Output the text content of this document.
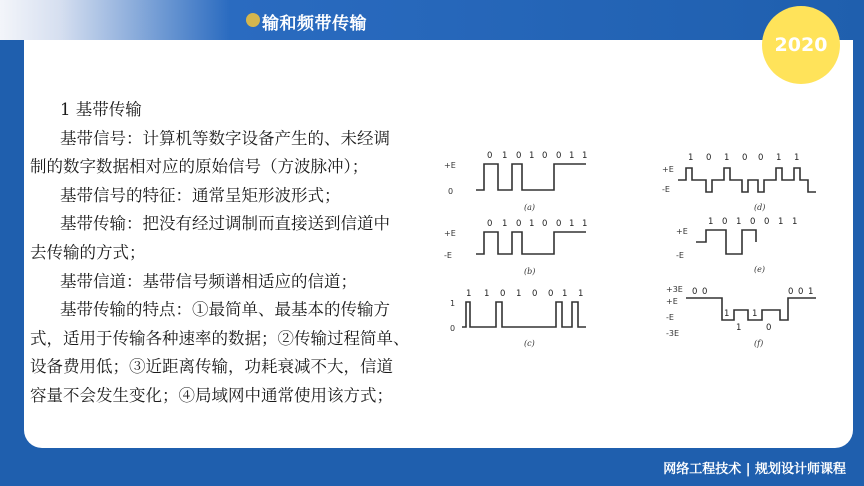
输和频带传输
2020

1 基带传输

基带信号：计算机等数字设备产生的、未经调

制的数字数据相对应的原始信号（方波脉冲）；

基带信号的特征：通常呈矩形波形式；

基带传输：把没有经过调制而直接送到信道中

去传输的方式；

基带信道：基带信号频谱相适应的信道；

基带传输的特点：①最简单、最基本的传输方

式，适用于传输各种速率的数据；②传输过程简单、

设备费用低；③近距离传输，功耗衰减不大，信道

容量不会发生变化；④局域网中通常使用该方式；

+E
0
+E
-E
1
0
+E
-E
+E
-E
+3E
+E
-E
-3E
0 1 0 1 0 0 1 1
0 1 0 1 0 0 1 1
1 1 0 1 0 0 1 1
1 0 1 0 0 1 1
1 0 1 0 0 1 1
0 0
1
1
1
0
0 0 1
(a)
(b)
(c)
(d)
(e)
(f)
网络工程技术 | 规划设计师课程
